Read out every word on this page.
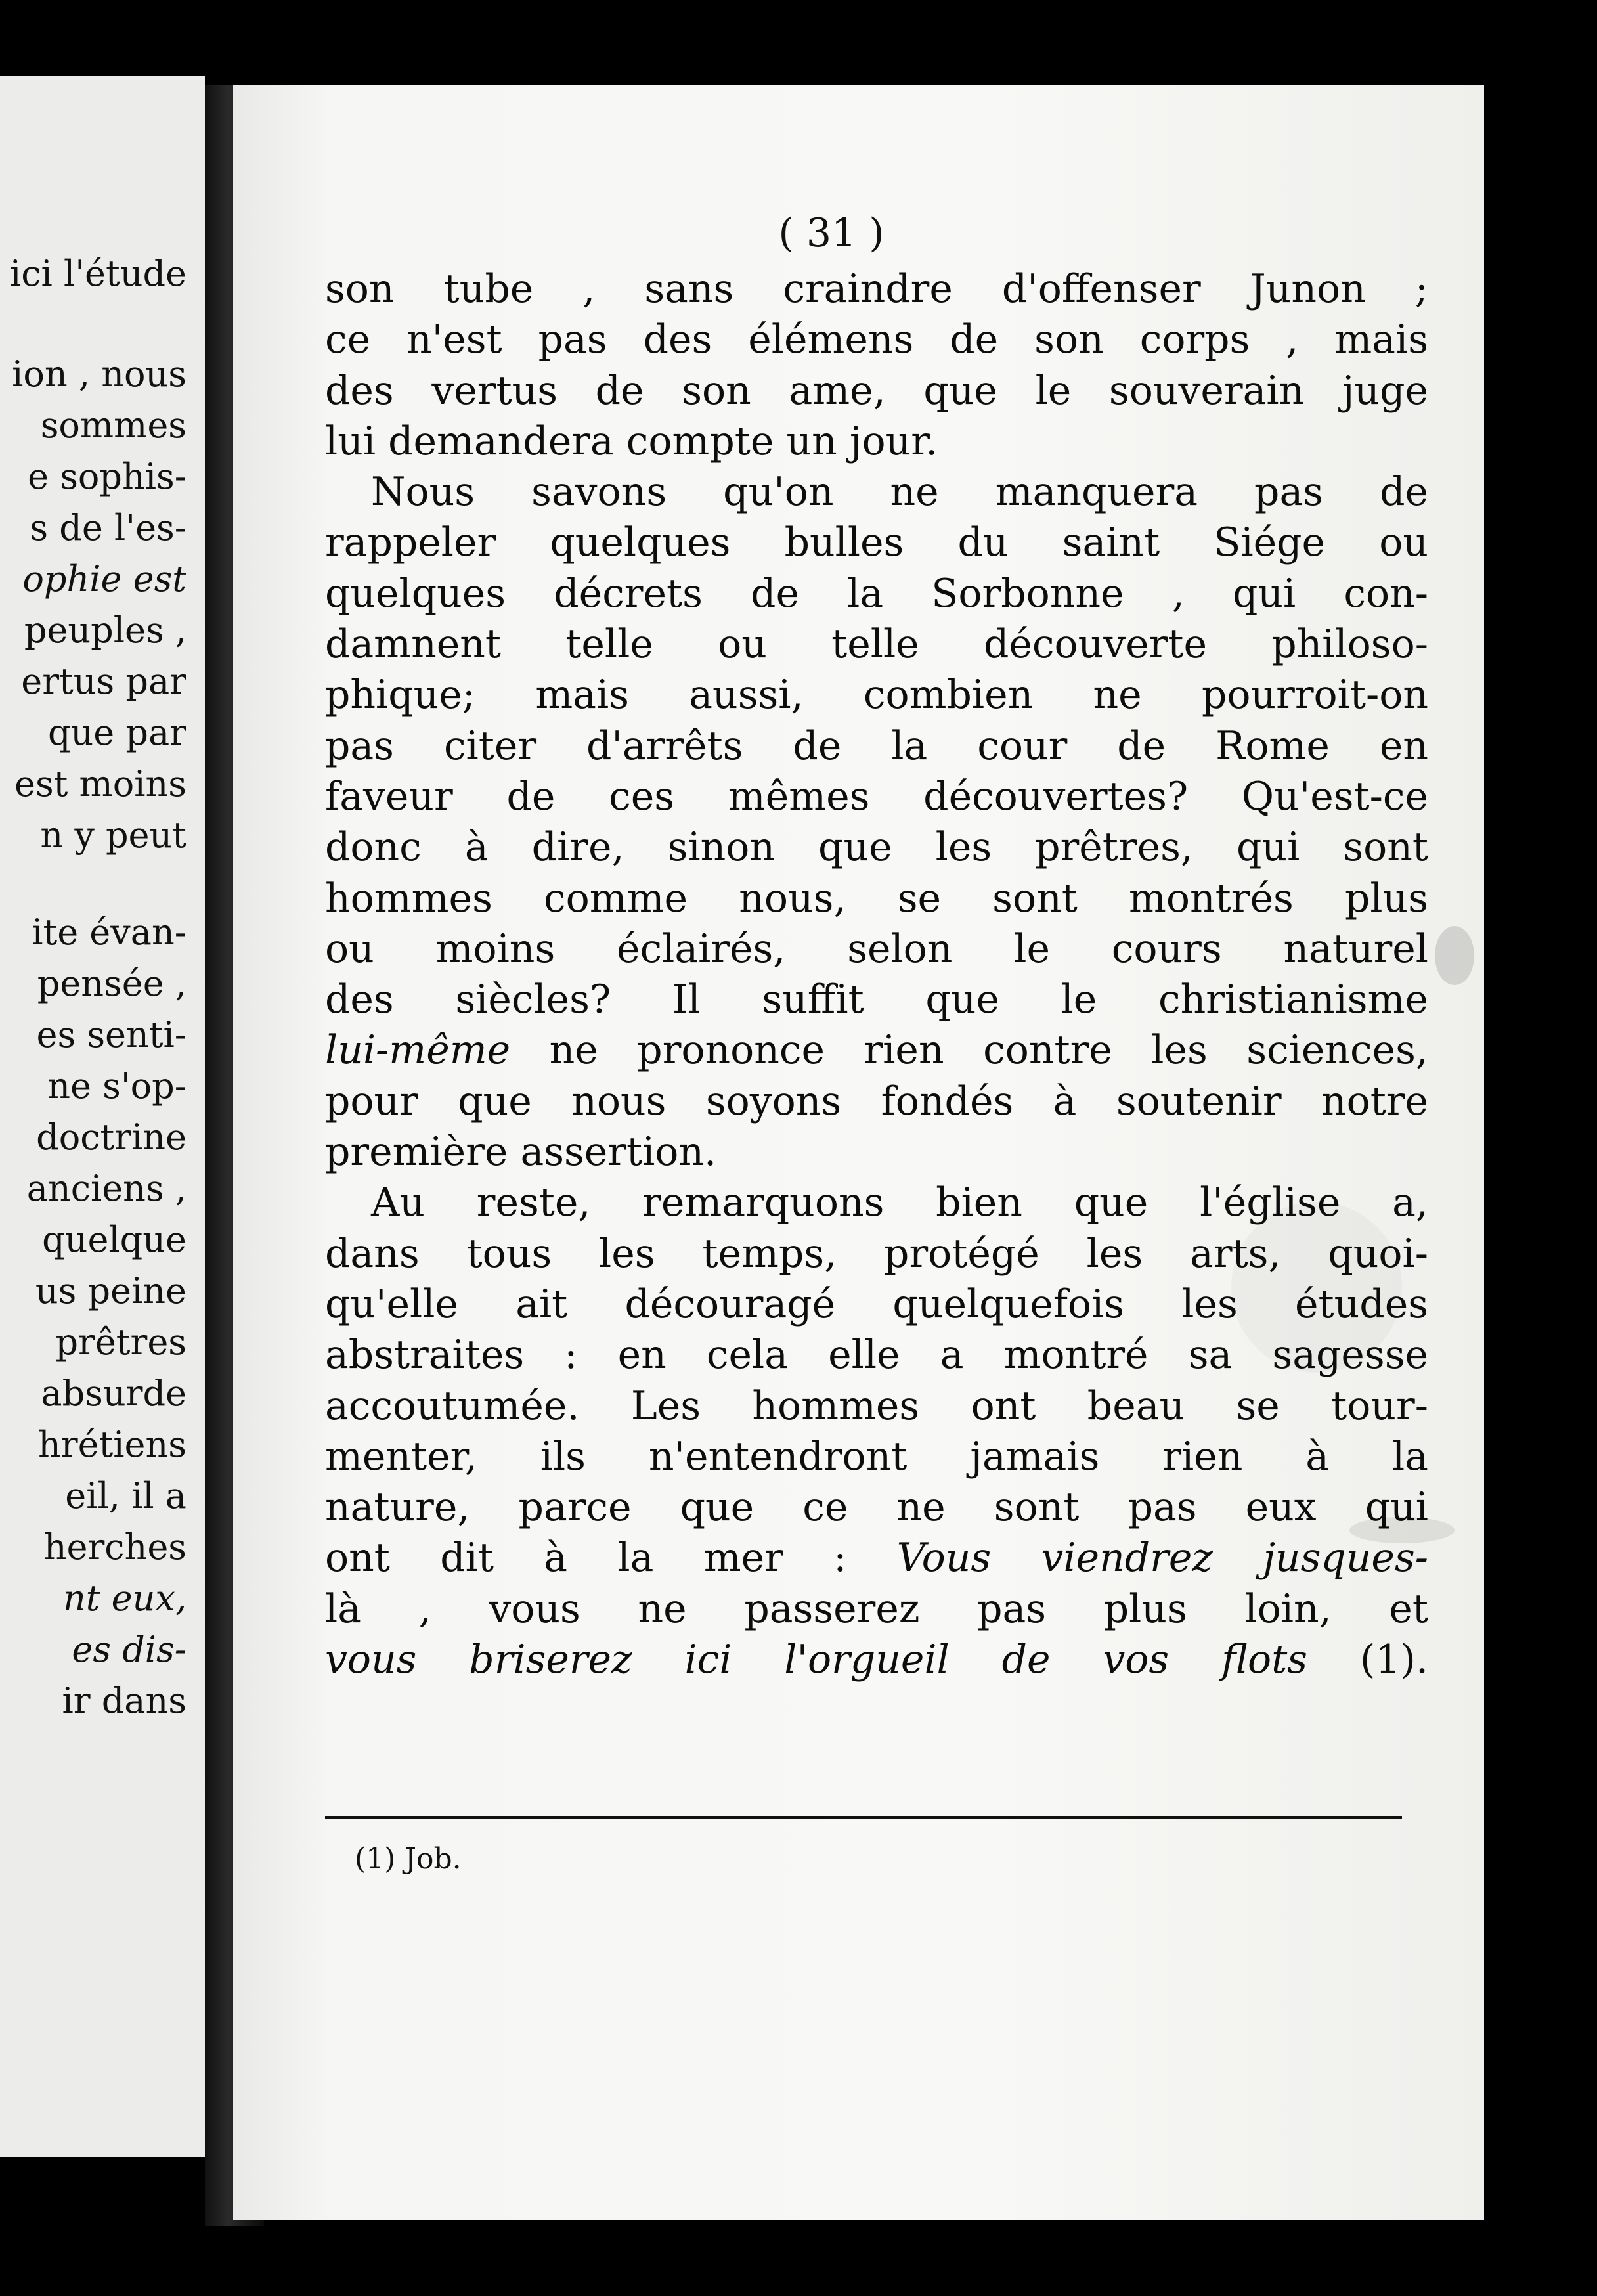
ici l'étude

ion , nous

sommes

e sophis-

s de l'es-

ophie est

peuples ,

ertus par

que par

est moins

n y peut

ite évan-

pensée ,

es senti-

ne s'op-

doctrine

anciens ,

quelque

us peine

prêtres

absurde

hrétiens

eil, il a

herches

nt eux,

es dis-

ir dans

( 31 )

son tube , sans craindre d'offenser Junon ;
ce n'est pas des élémens de son corps , mais
des vertus de son ame, que le souverain juge
lui demandera compte un jour.

Nous savons qu'on ne manquera pas de
rappeler quelques bulles du saint Siége ou
quelques décrets de la Sorbonne , qui con-
damnent telle ou telle découverte philoso-
phique; mais aussi, combien ne pourroit-on
pas citer d'arrêts de la cour de Rome en
faveur de ces mêmes découvertes? Qu'est-ce
donc à dire, sinon que les prêtres, qui sont
hommes comme nous, se sont montrés plus
ou moins éclairés, selon le cours naturel
des siècles? Il suffit que le christianisme
lui-même ne prononce rien contre les sciences,
pour que nous soyons fondés à soutenir notre
première assertion.

Au reste, remarquons bien que l'église a,
dans tous les temps, protégé les arts, quoi-
qu'elle ait découragé quelquefois les études
abstraites : en cela elle a montré sa sagesse
accoutumée. Les hommes ont beau se tour-
menter, ils n'entendront jamais rien à la
nature, parce que ce ne sont pas eux qui
ont dit à la mer : Vous viendrez jusques-
là , vous ne passerez pas plus loin, et
vous briserez ici l'orgueil de vos flots (1).

(1) Job.
